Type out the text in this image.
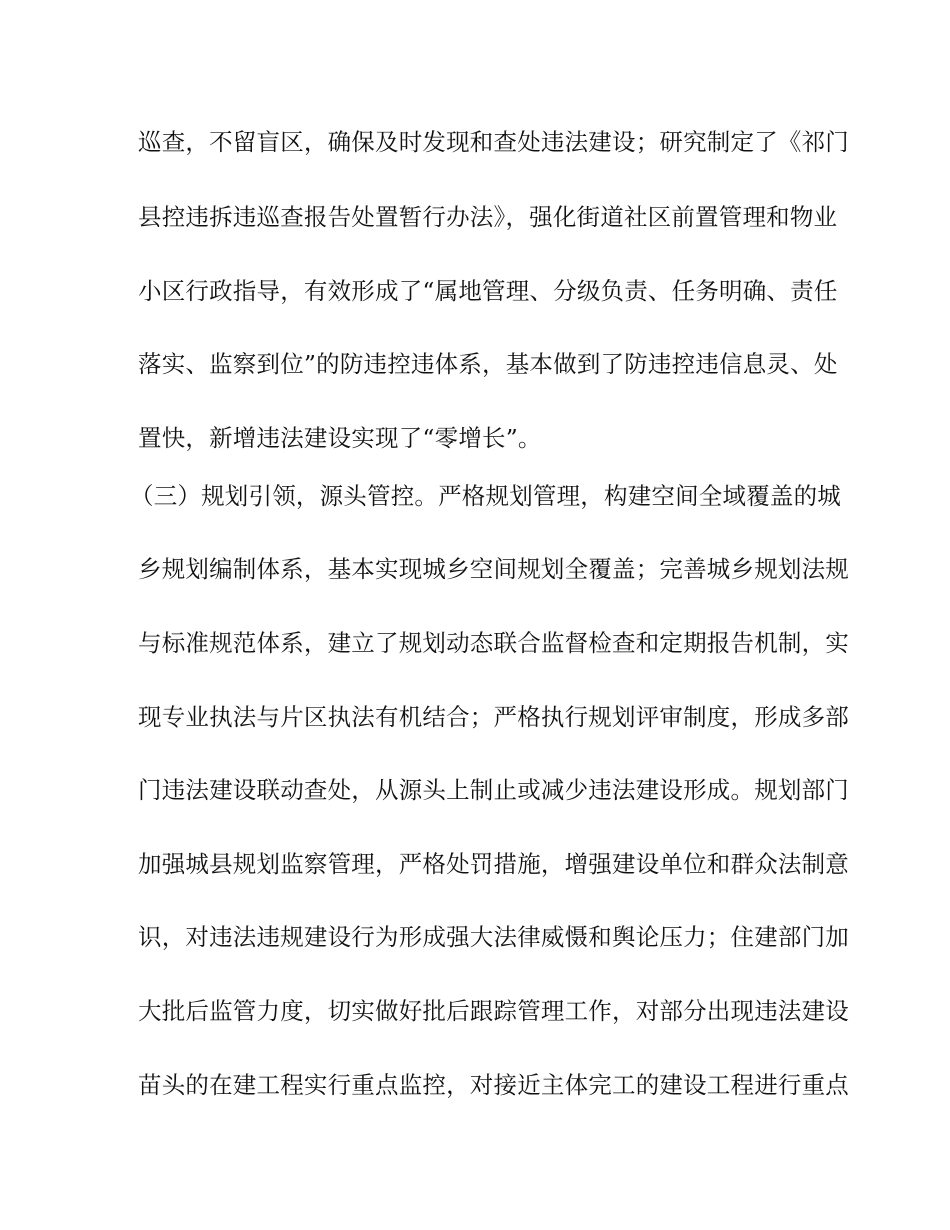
巡查，不留盲区，确保及时发现和查处违法建设；研究制定了《祁门
县控违拆违巡查报告处置暂行办法》，强化街道社区前置管理和物业
小区行政指导，有效形成了“属地管理、分级负责、任务明确、责任
落实、监察到位”的防违控违体系，基本做到了防违控违信息灵、处
置快，新增违法建设实现了“零增长”。
（三）规划引领，源头管控。严格规划管理，构建空间全域覆盖的城
乡规划编制体系，基本实现城乡空间规划全覆盖；完善城乡规划法规
与标准规范体系，建立了规划动态联合监督检查和定期报告机制，实
现专业执法与片区执法有机结合；严格执行规划评审制度，形成多部
门违法建设联动查处，从源头上制止或减少违法建设形成。规划部门
加强城县规划监察管理，严格处罚措施，增强建设单位和群众法制意
识，对违法违规建设行为形成强大法律威慑和舆论压力；住建部门加
大批后监管力度，切实做好批后跟踪管理工作，对部分出现违法建设
苗头的在建工程实行重点监控，对接近主体完工的建设工程进行重点
